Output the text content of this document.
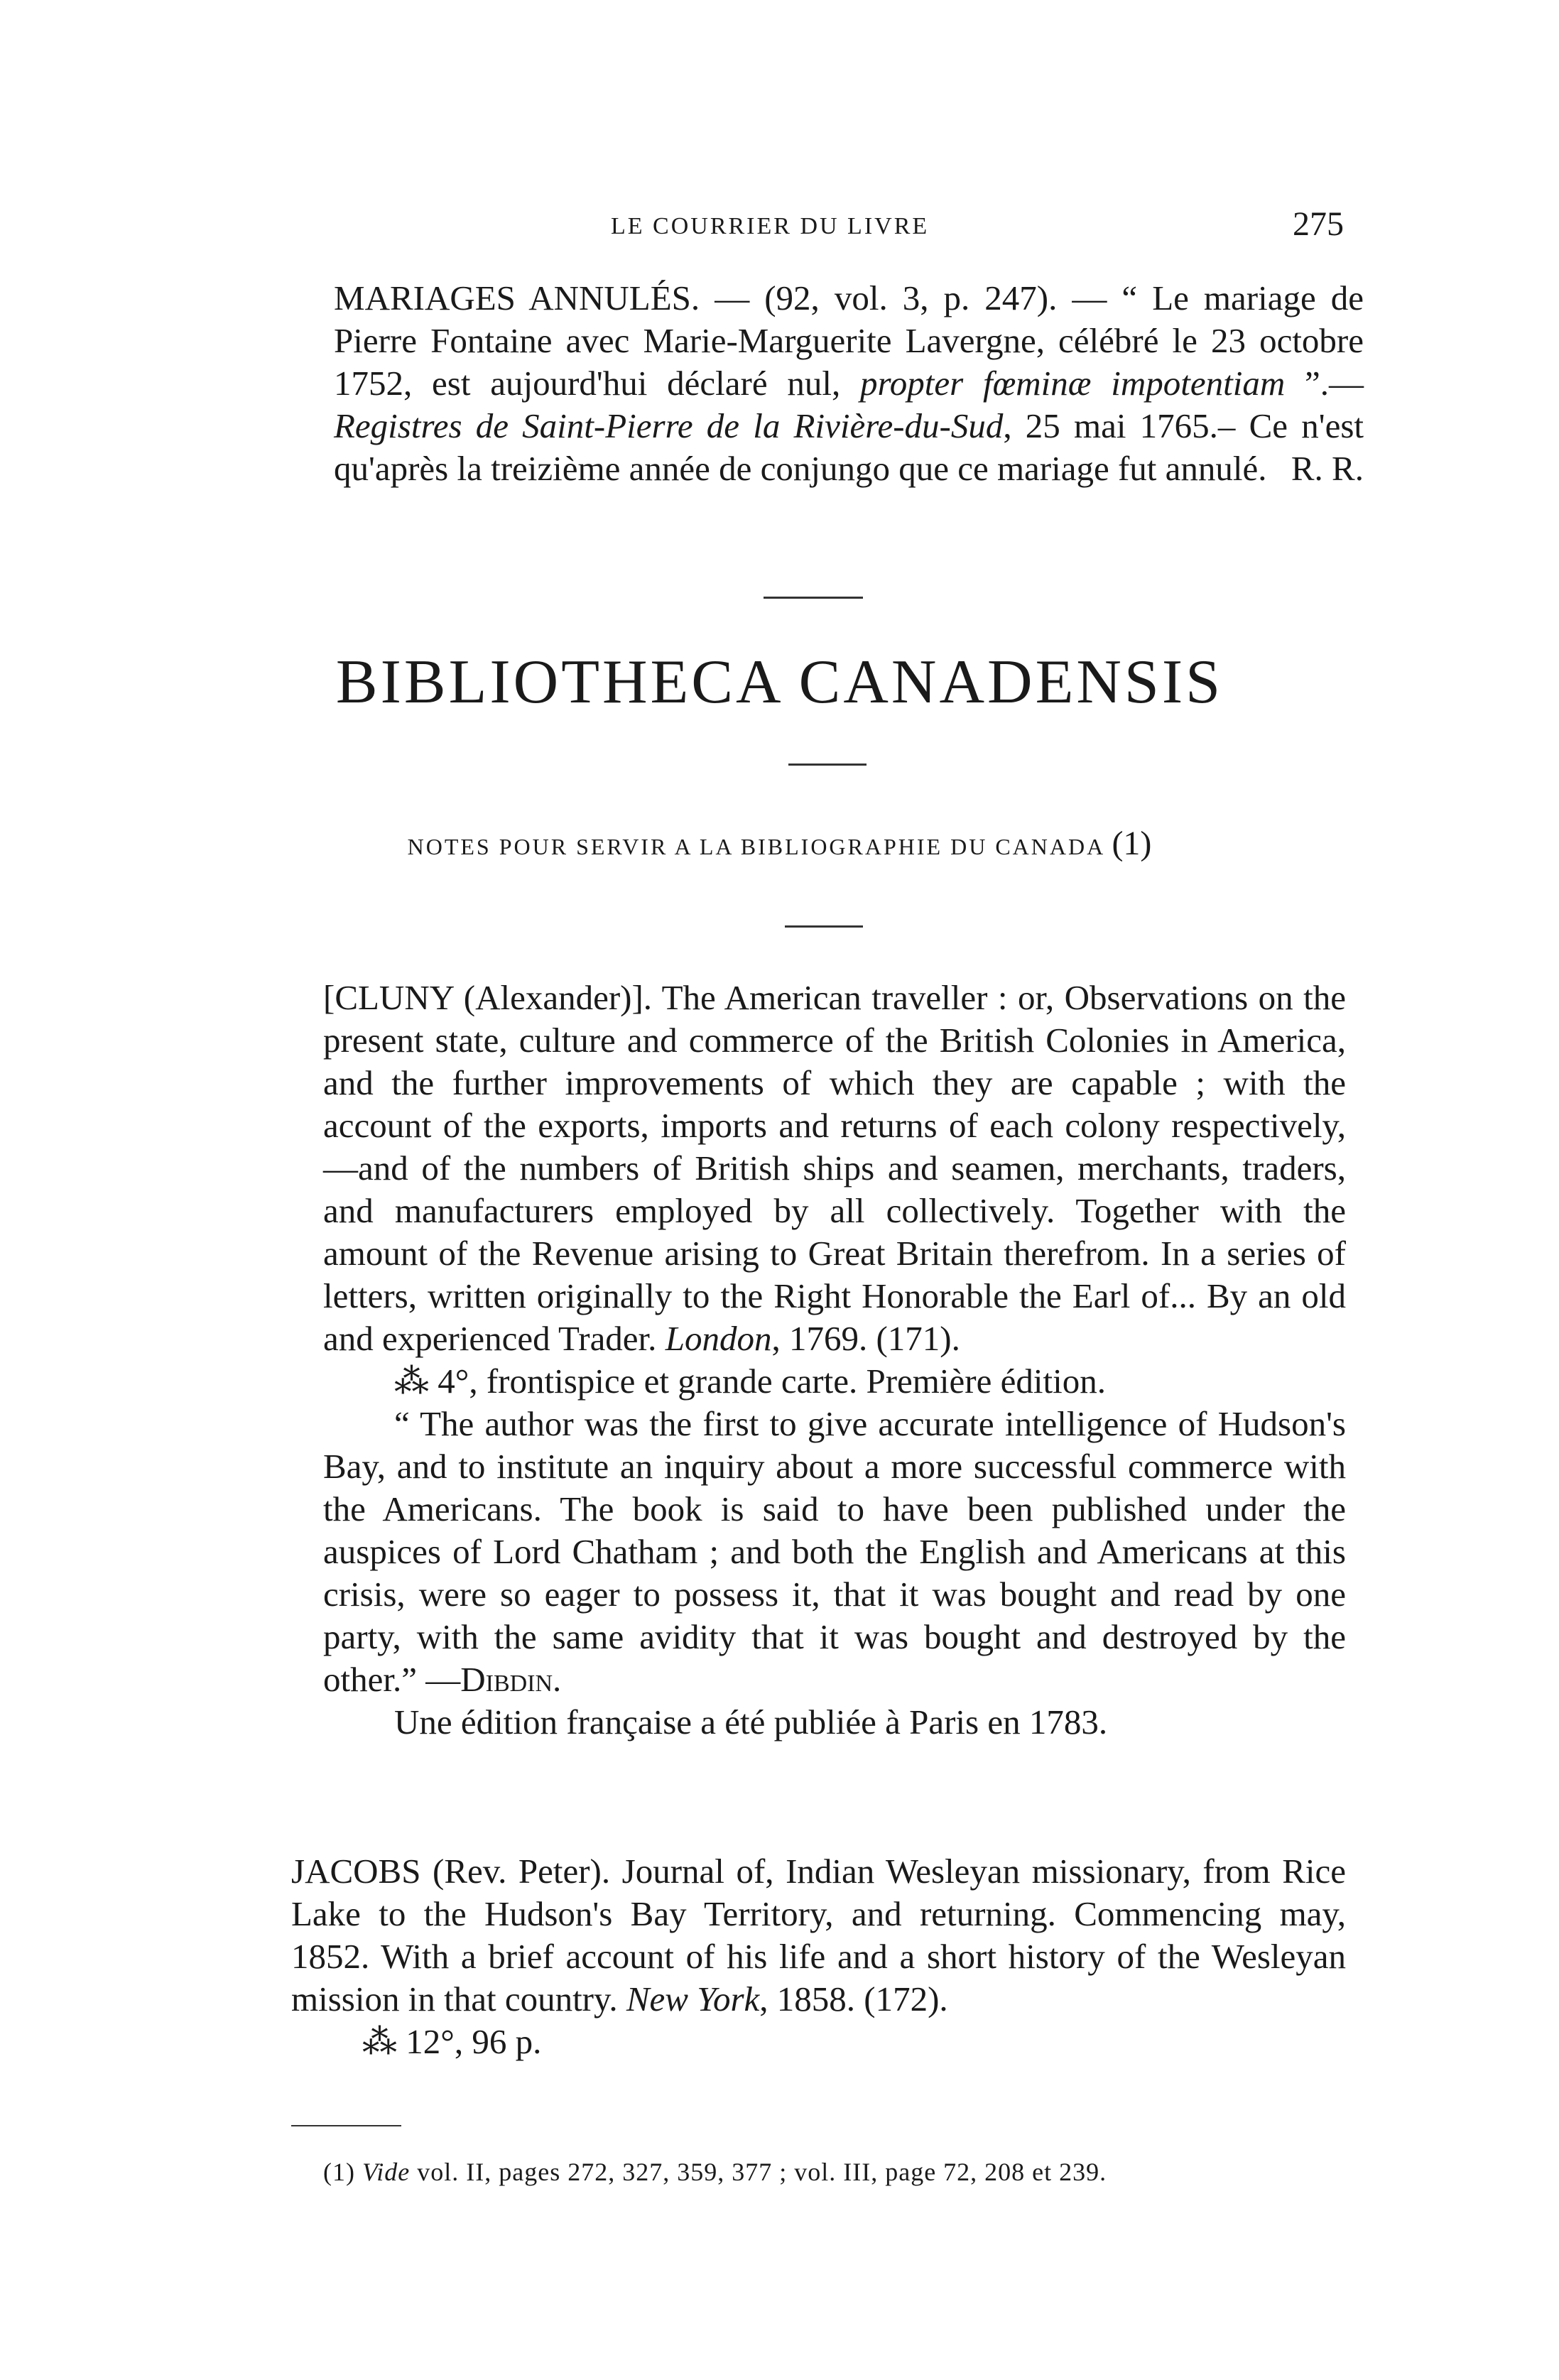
LE COURRIER DU LIVRE	275
MARIAGES ANNULÉS. — (92, vol. 3, p. 247). — “ Le mariage de Pierre Fontaine avec Marie-Marguerite Lavergne, célébré le 23 octobre 1752, est aujourd'hui déclaré nul, propter fœminæ impotentiam ”.— Registres de Saint-Pierre de la Rivière-du-Sud, 25 mai 1765.– Ce n'est qu'après la treizième année de conjungo que ce mariage fut annulé. R. R.
BIBLIOTHECA CANADENSIS
NOTES POUR SERVIR A LA BIBLIOGRAPHIE DU CANADA (1)
[CLUNY (Alexander)]. The American traveller : or, Observations on the present state, culture and commerce of the British Colonies in America, and the further improvements of which they are capable ; with the account of the exports, imports and returns of each colony respectively,—and of the numbers of British ships and seamen, merchants, traders, and manufacturers employed by all collectively. Together with the amount of the Revenue arising to Great Britain therefrom. In a series of letters, written originally to the Right Honorable the Earl of... By an old and experienced Trader. London, 1769. (171).
⁂ 4°, frontispice et grande carte. Première édition.
“ The author was the first to give accurate intelligence of Hudson's Bay, and to institute an inquiry about a more successful commerce with the Americans. The book is said to have been published under the auspices of Lord Chatham ; and both the English and Americans at this crisis, were so eager to possess it, that it was bought and read by one party, with the same avidity that it was bought and destroyed by the other.” —Dibdin.
Une édition française a été publiée à Paris en 1783.
JACOBS (Rev. Peter). Journal of, Indian Wesleyan missionary, from Rice Lake to the Hudson's Bay Territory, and returning. Commencing may, 1852. With a brief account of his life and a short history of the Wesleyan mission in that country. New York, 1858. (172).
⁂ 12°, 96 p.
(1) Vide vol. II, pages 272, 327, 359, 377 ; vol. III, page 72, 208 et 239.
